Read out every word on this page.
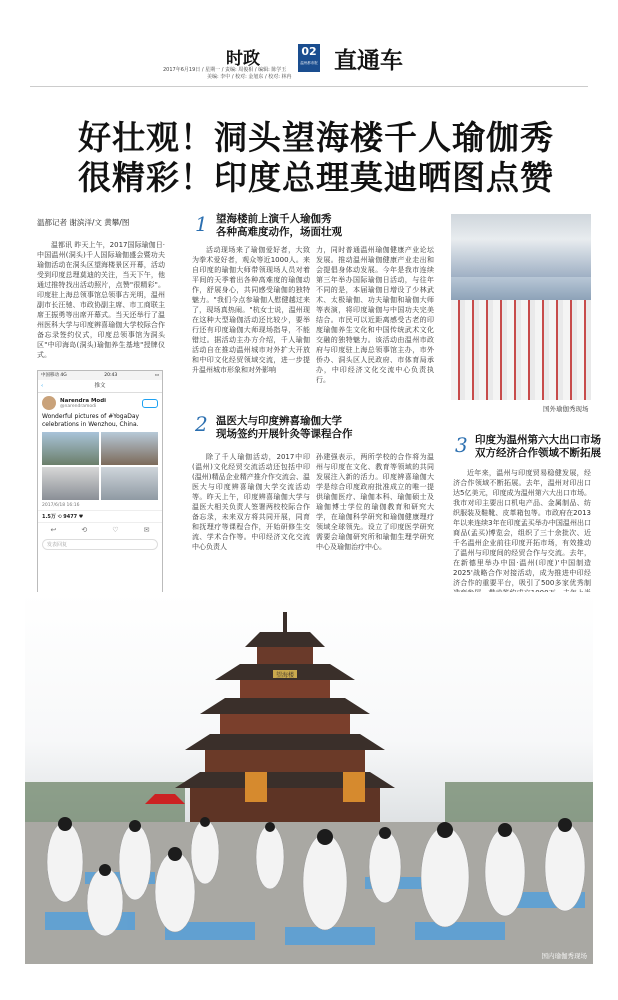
时政	02
温州都市报 直通车
2017年6月19日 / 星期一 / 责编: 周俊相 / 编辑: 陈学玉
美编: 李中 / 校对: 金旭东 / 校对: 林冉
好壮观！洞头望海楼千人瑜伽秀
很精彩！印度总理莫迪晒图点赞
温都记者 谢滨洋/文 黄攀/图
温都讯 昨天上午，2017国际瑜伽日·中国温州(洞头)千人国际瑜伽盛会暨功夫瑜伽活动在洞头区望海楼景区开幕，活动受到印度总理莫迪的关注，当天下午，他通过推特找出活动照片，点赞"很精彩"。印度驻上海总领事馆总领事古光明，温州副市长汪驰、市政协副主席、市工商联主席王振勇等出席开幕式。当天还举行了温州医科大学与印度辨喜瑜伽大学校际合作备忘录签约仪式，印度总领事馆为洞头区"中印海岛(洞头)瑜伽养生基地"授牌仪式。
中国移动 4G	20:43	▭
‹	推文
Narendra Modi
@narendramodi
Wonderful pictures of #YogaDay celebrations in Wenzhou, China.
2017/6/18 16:16
1.5万 ⟲ 9477 ♥
↩	⟲	♡	✉
发表回复
1 望海楼前上演千人瑜伽秀
各种高难度动作，场面壮观
活动现场来了瑜伽爱好者，大致为拳术爱好者，观众等近1000人。来自印度的瑜伽大师带领现场人员对着平间的天季着出各种高难度的瑜伽动作，舒展身心，共同感受瑜伽的独特魅力。"我们今点参瑜伽人慰健越过来了，现场真热闹。"杭女士说，温州现在这种大型瑜伽活动还比较少，要举行还有印度瑜伽大师现场指导，不能错过。据活动主办方介绍，千人瑜伽活动自在推动温州城市对外扩大开放和中印文化经贸领域交流，进一步提升温州城市形象和对外影响
力，同时普通温州瑜伽健康产业论坛发展。推动温州瑜伽健康产业走出和会提倡身体动发展。今年是我市连续第三年举办国际瑜伽日活动，与往年不同的是，本届瑜伽日增设了少林武术、太极瑜伽、功夫瑜伽和瑜伽大师等表演，将印度瑜伽与中国功夫完美结合。市民可以近距离感受古老的印度瑜伽养生文化和中国传统武术文化交融的独特魅力。该活动由温州市政府与印度驻上海总领事馆主办，市外侨办、洞头区人民政府、市体育局承办，中印经济文化交流中心负责执行。
国外瑜伽秀现场
2 温医大与印度辨喜瑜伽大学
现场签约开展针灸等课程合作
除了千人瑜伽活动，2017中印(温州)文化经贸交流活动还包括中印(温州)精品企业精产推介作交流会、温医大与印度辨喜瑜伽大学交流活动等。昨天上午，印度辨喜瑜伽大学与温医大相关负责人签署两校校际合作备忘录，未来双方将共同开展，同育和抚理疗等课程合作，开始研修生交流、学术合作等。中印经济文化交流中心负责人
孙建强表示，两所学校的合作将为温州与印度在文化、教育等领域的共同发展注入新的活力。印度辨喜瑜伽大学是综合印度政府批准成立的唯一提供瑜伽医疗、瑜伽本科、瑜伽硕士及瑜伽博士学位的瑜伽教育和研究大学，在瑜伽科学研究和瑜伽健康理疗领域全球领先。设立了印度医学研究需要会瑜伽研究所和瑜伽生理学研究中心及瑜伽治疗中心。
3 印度为温州第六大出口市场
双方经济合作领域不断拓展
近年来，温州与印度贸易稳健发展，经济合作领域不断拓展。去年，温州对印出口达5亿美元，印度成为温州第六大出口市场。我市对印主要出口机电产品、金属制品、纺织服装及鞋靴、皮革箱包等。市政府在2013年以来连续3年在印度孟买举办中国温州出口商品(孟买)博览会，组织了三十余批次、近千名温州企业前往印度开拓市场，有效推动了温州与印度间的经贸合作与交流。去年，在新德里举办中国·温州(印度)'中国制造2025'战略合作对接活动，成为推进中印经济合作的重要平台，吸引了500多家优秀制
望海楼
国内瑜伽秀现场
